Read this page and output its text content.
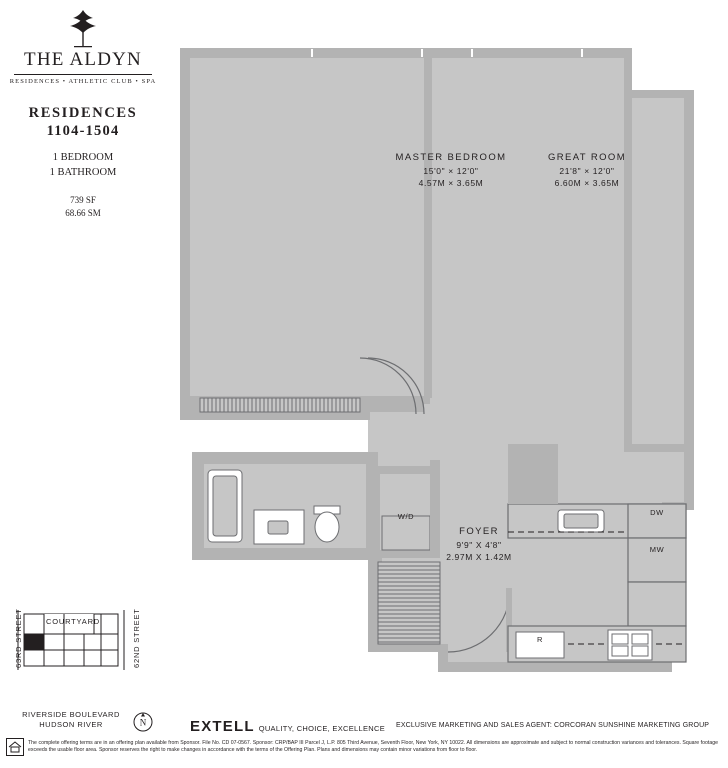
THE ALDYN
RESIDENCES • ATHLETIC CLUB • SPA
RESIDENCES
1104-1504
1 BEDROOM
1 BATHROOM
739 SF
68.66 SM
MASTER BEDROOM
15'0" × 12'0"
4.57M × 3.65M
GREAT ROOM
21'8" × 12'0"
6.60M × 3.65M
FOYER
9'9" X 4'8"
2.97M X 1.42M
W/D	DW
MW
R
COURTYARD
63RD STREET	62ND STREET
RIVERSIDE BOULEVARD
HUDSON RIVER	N	EXTELL QUALITY, CHOICE, EXCELLENCE EXCLUSIVE MARKETING AND SALES AGENT: CORCORAN SUNSHINE MARKETING GROUP
The complete offering terms are in an offering plan available from Sponsor. File No. CD 07-0567. Sponsor: CRP/BAP III Parcel J, L.P. 805 Third Avenue, Seventh Floor, New York, NY 10022. All dimensions are approximate and subject to normal construction variances and tolerances. Square footage exceeds the usable floor area. Sponsor reserves the right to make changes in accordance with the terms of the Offering Plan. Plans and dimensions may contain minor variations from floor to floor.
